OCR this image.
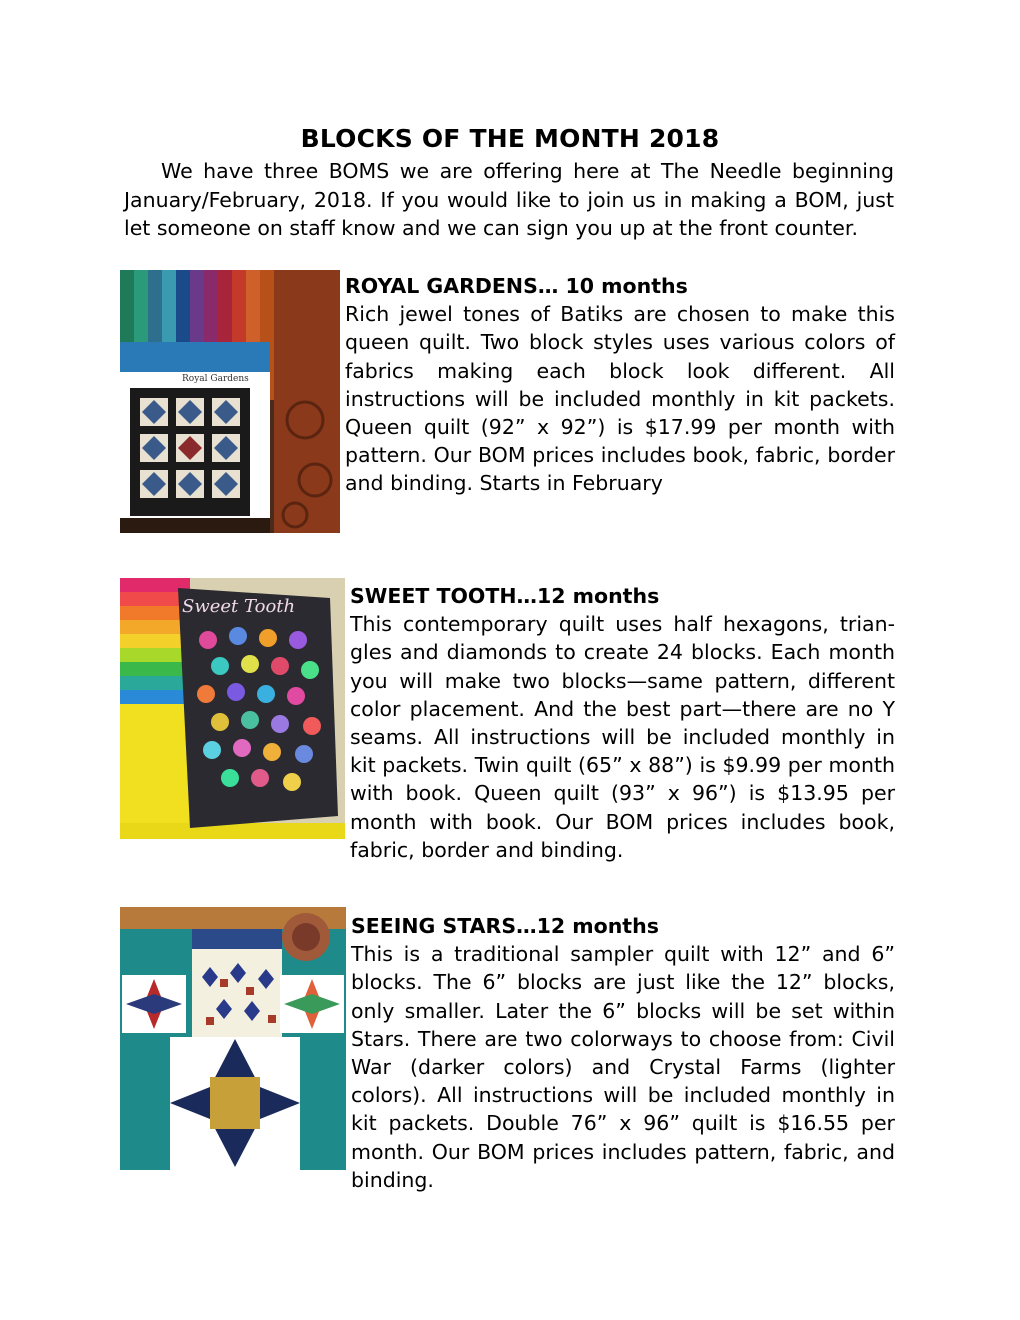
BLOCKS OF THE MONTH 2018
We have three BOMS we are offering here at The Needle beginning January/February, 2018. If you would like to join us in making a BOM, just let someone on staff know and we can sign you up at the front counter.
Royal Gardens
ROYAL GARDENS… 10 months
Rich jewel tones of Batiks are chosen to make this queen quilt. Two block styles uses various colors of fabrics making each block look different. All instructions will be included monthly in kit packets. Queen quilt (92” x 92”) is $17.99 per month with pattern. Our BOM prices includes book, fabric, border and binding. Starts in February
Sweet Tooth	SWEET TOOTH…12 months
This contemporary quilt uses half hexagons, trian-gles and diamonds to create 24 blocks. Each month you will make two blocks—same pattern, different color placement. And the best part—there are no Y seams. All instructions will be included monthly in kit packets. Twin quilt (65” x 88”) is $9.99 per month with book. Queen quilt (93” x 96”) is $13.95 per month with book. Our BOM prices includes book, fabric, border and binding.
SEEING STARS…12 months
This is a traditional sampler quilt with 12” and 6” blocks. The 6” blocks are just like the 12” blocks, only smaller. Later the 6” blocks will be set within Stars. There are two colorways to choose from: Civil War (darker colors) and Crystal Farms (lighter colors). All instructions will be included monthly in kit packets. Double 76” x 96” quilt is $16.55 per month. Our BOM prices includes pattern, fabric, and binding.
